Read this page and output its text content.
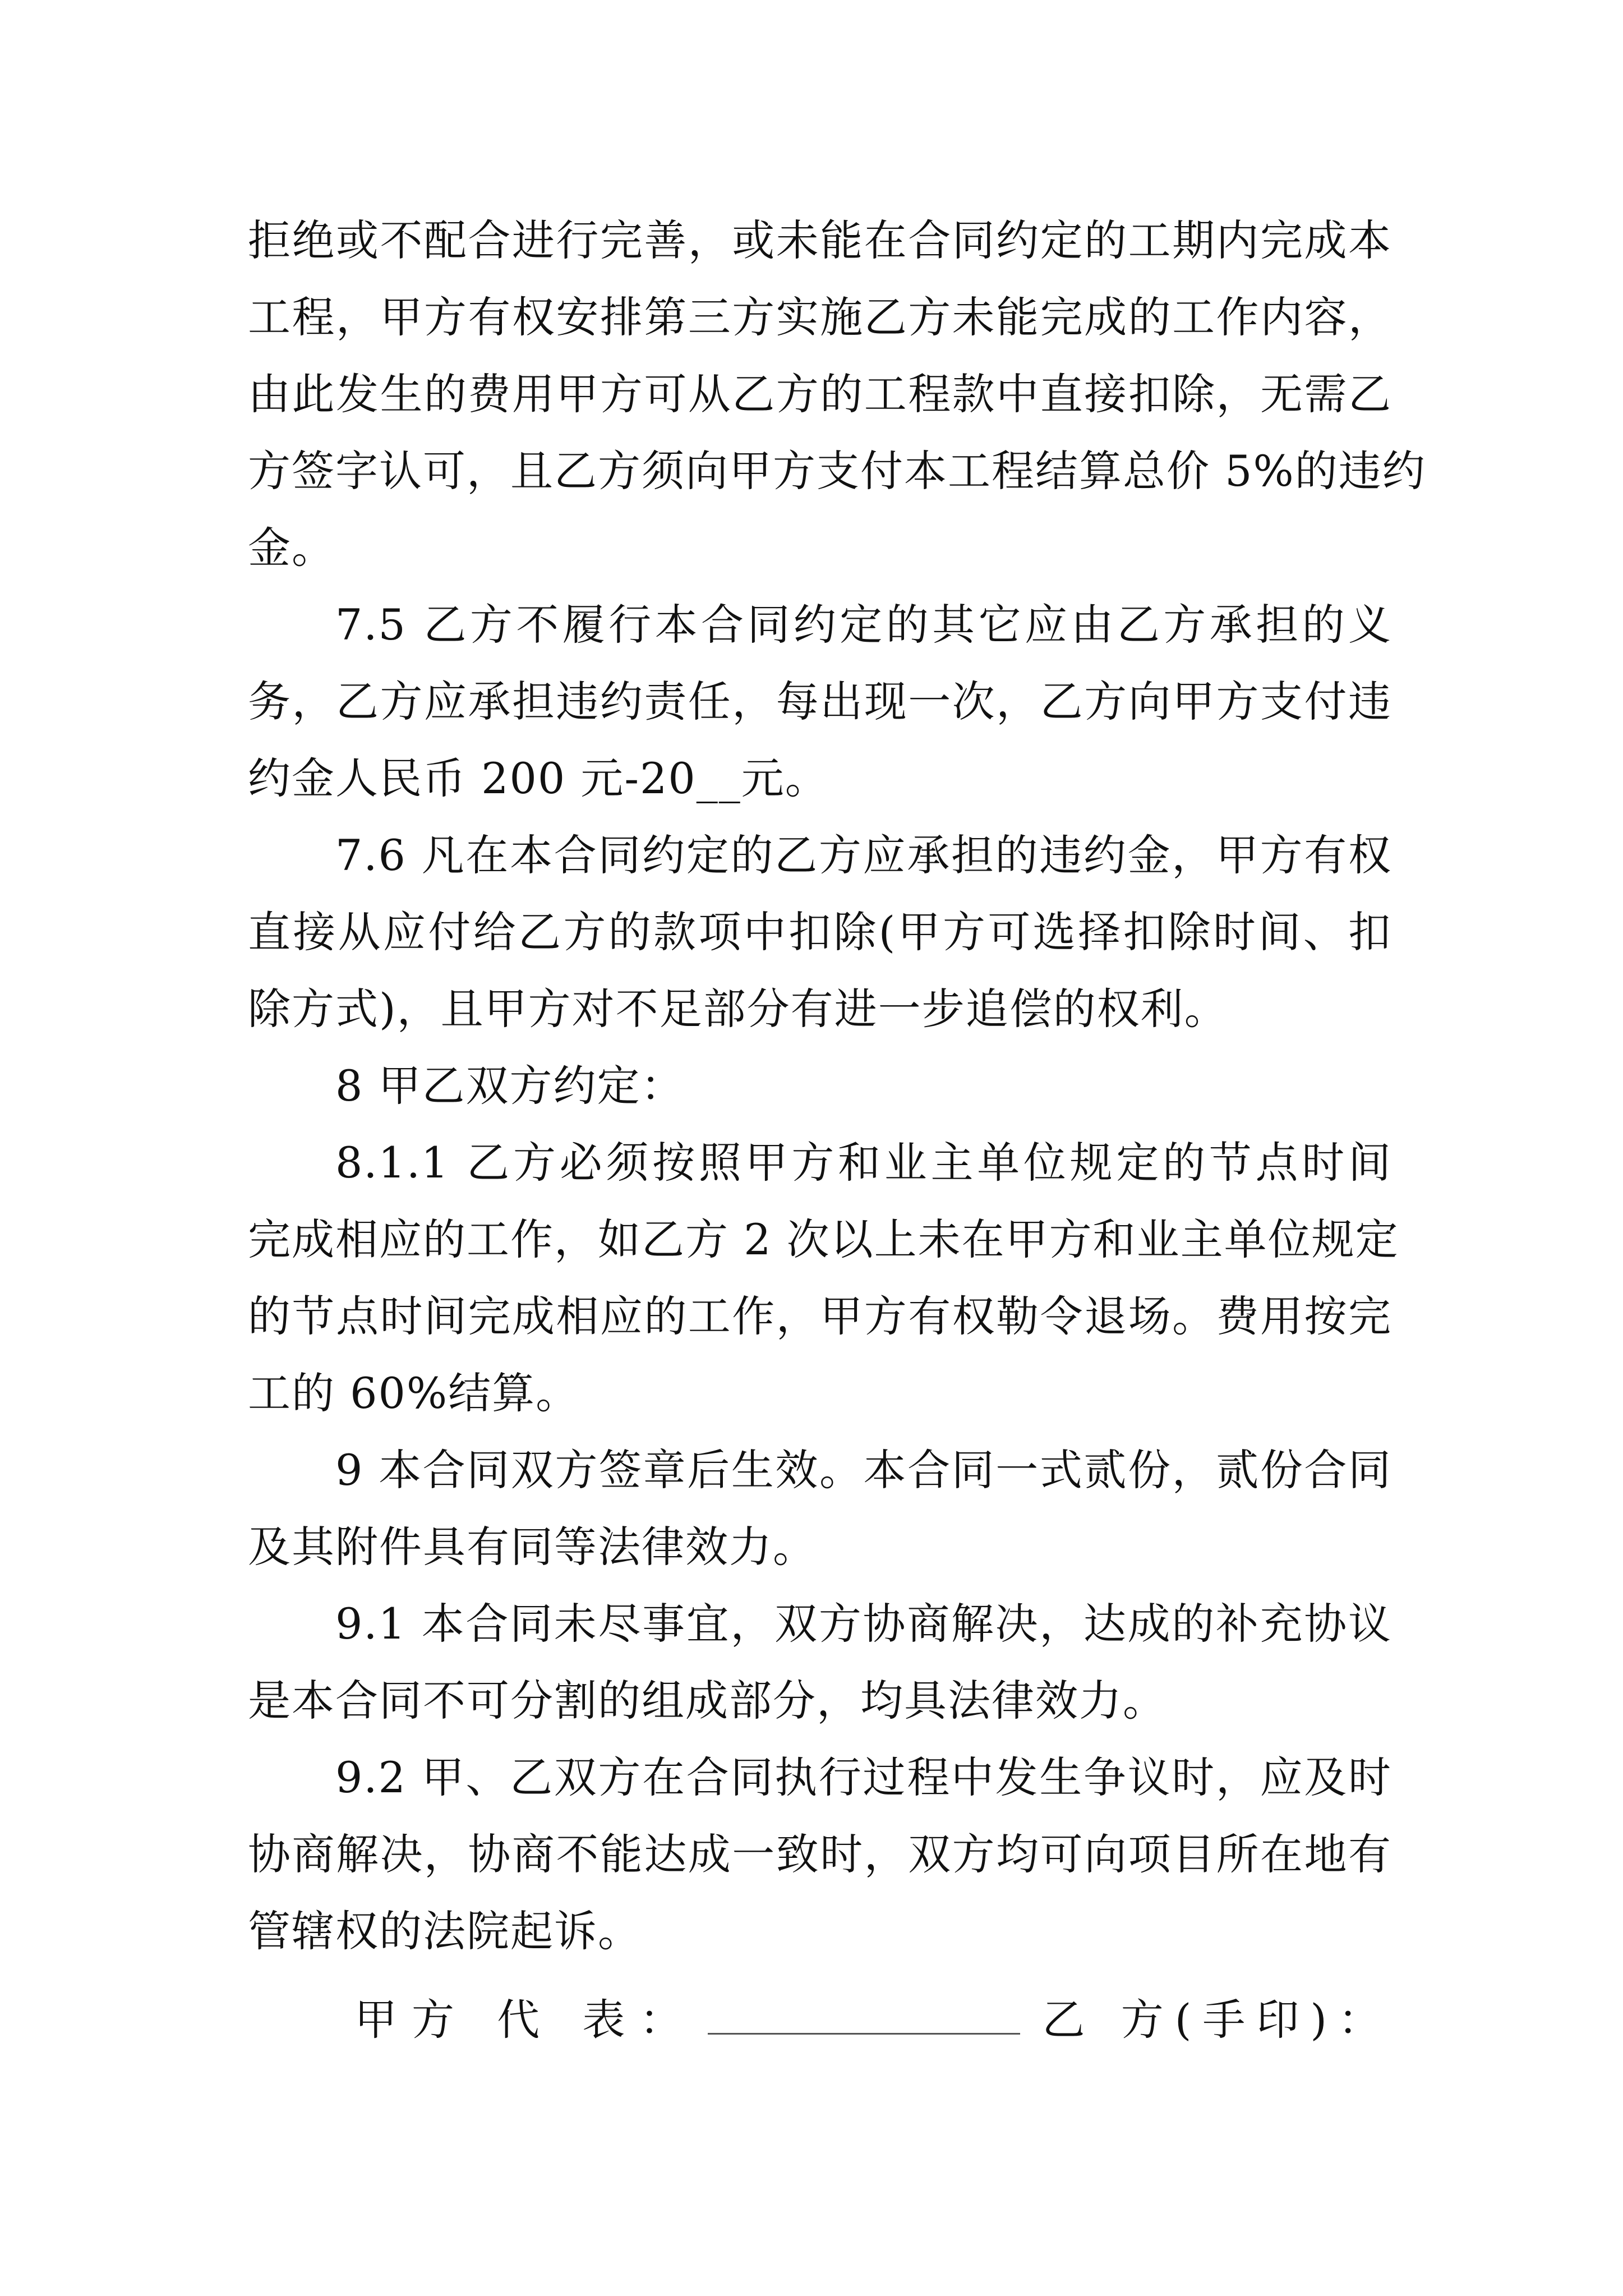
拒绝或不配合进行完善，或未能在合同约定的工期内完成本
工程，甲方有权安排第三方实施乙方未能完成的工作内容，
由此发生的费用甲方可从乙方的工程款中直接扣除，无需乙
方签字认可，且乙方须向甲方支付本工程结算总价 5%的违约
金。
7.5 乙方不履行本合同约定的其它应由乙方承担的义
务，乙方应承担违约责任，每出现一次，乙方向甲方支付违
约金人民币 200 元-20__元。
7.6 凡在本合同约定的乙方应承担的违约金，甲方有权
直接从应付给乙方的款项中扣除(甲方可选择扣除时间、扣
除方式)，且甲方对不足部分有进一步追偿的权利。
8 甲乙双方约定：
8.1.1 乙方必须按照甲方和业主单位规定的节点时间
完成相应的工作，如乙方 2 次以上未在甲方和业主单位规定
的节点时间完成相应的工作，甲方有权勒令退场。费用按完
工的 60%结算。
9 本合同双方签章后生效。本合同一式贰份，贰份合同
及其附件具有同等法律效力。
9.1 本合同未尽事宜，双方协商解决，达成的补充协议
是本合同不可分割的组成部分，均具法律效力。
9.2 甲、乙双方在合同执行过程中发生争议时，应及时
协商解决，协商不能达成一致时，双方均可向项目所在地有
管辖权的法院起诉。
甲方 代 表：	乙 方(手印)：
